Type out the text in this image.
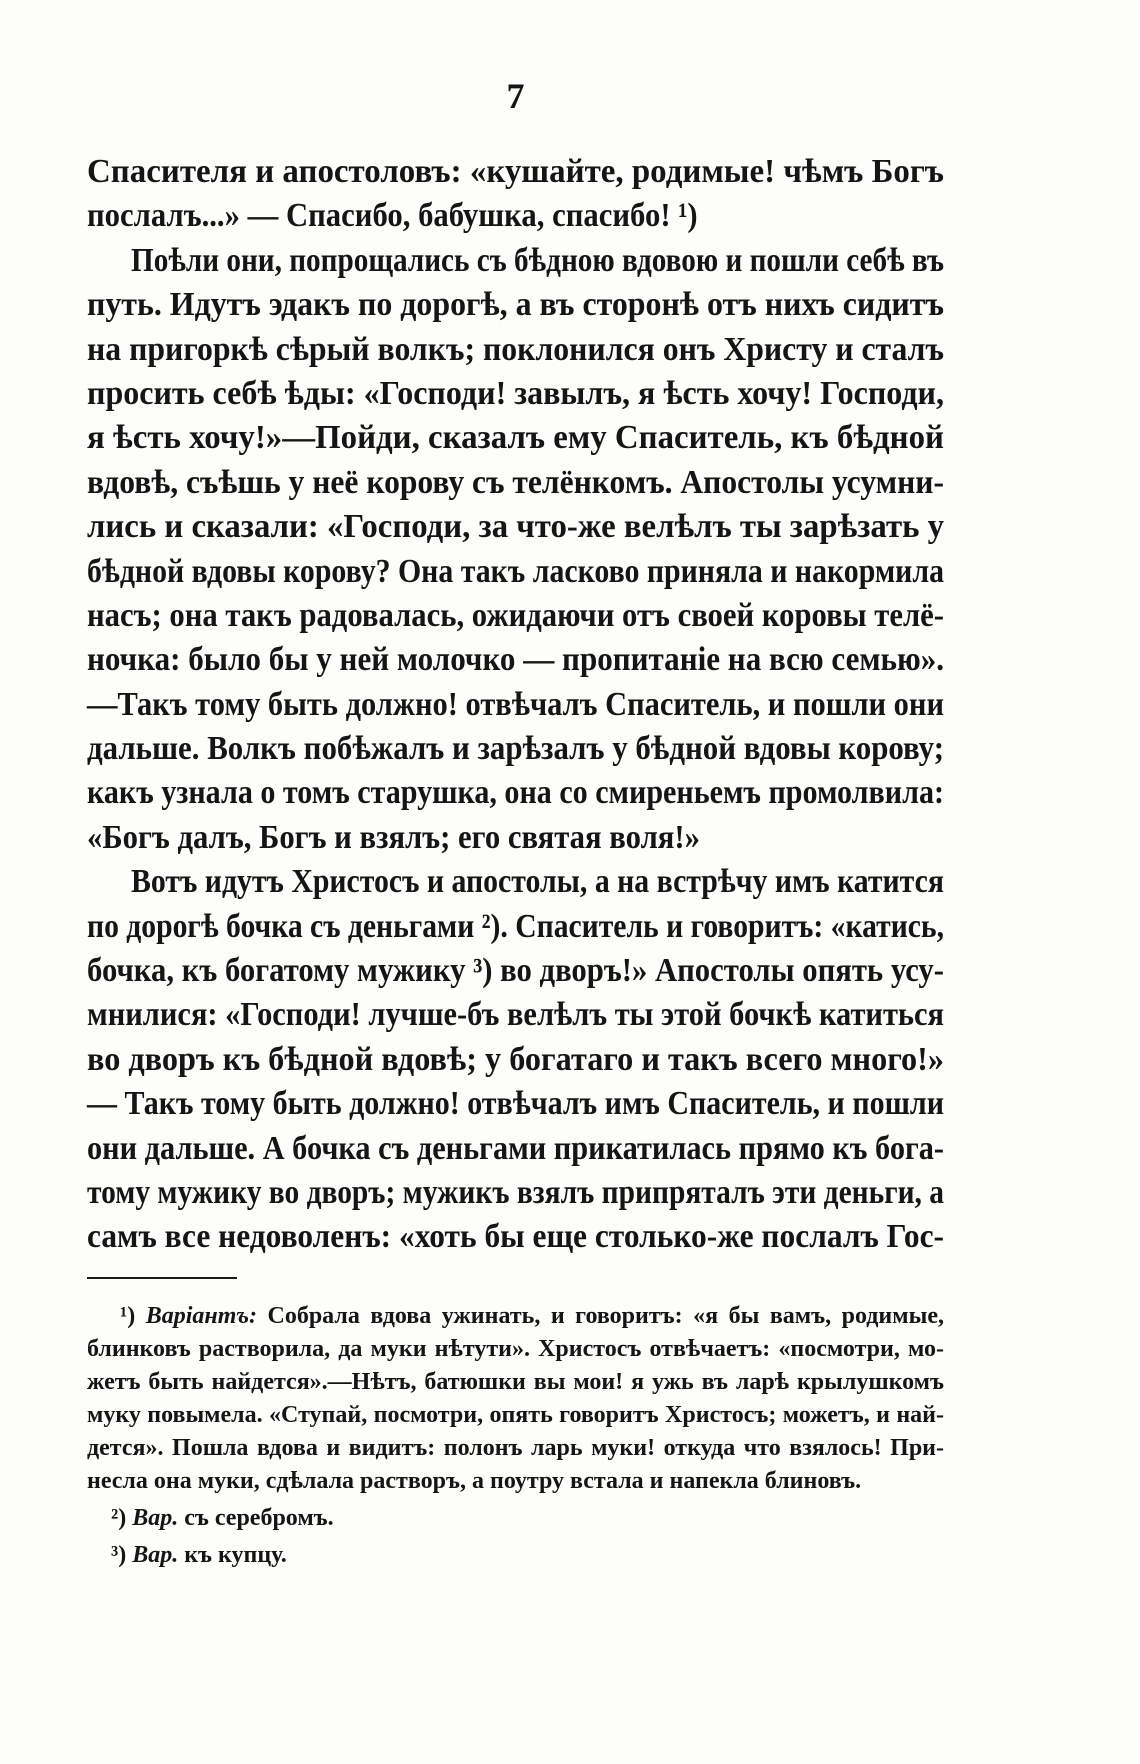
7
Спасителя и апостоловъ: «кушайте, родимые! чѣмъ Богъ
послалъ...» — Спасибо, бабушка, спасибо! ¹)
Поѣли они, попрощались съ бѣдною вдовою и пошли себѣ въ
путь. Идутъ эдакъ по дорогѣ, а въ сторонѣ отъ нихъ сидитъ
на пригоркѣ сѣрый волкъ; поклонился онъ Христу и сталъ
просить себѣ ѣды: «Господи! завылъ, я ѣсть хочу! Господи,
я ѣсть хочу!»—Пойди, сказалъ ему Спаситель, къ бѣдной
вдовѣ, съѣшь у неё корову съ телёнкомъ. Апостолы усумни-
лись и сказали: «Господи, за что-же велѣлъ ты зарѣзать у
бѣдной вдовы корову? Она такъ ласково приняла и накормила
насъ; она такъ радовалась, ожидаючи отъ своей коровы телё-
ночка: было бы у ней молочко — пропитаніе на всю семью».
—Такъ тому быть должно! отвѣчалъ Спаситель, и пошли они
дальше. Волкъ побѣжалъ и зарѣзалъ у бѣдной вдовы корову;
какъ узнала о томъ старушка, она со смиреньемъ промолвила:
«Богъ далъ, Богъ и взялъ; его святая воля!»
Вотъ идутъ Христосъ и апостолы, а на встрѣчу имъ катится
по дорогѣ бочка съ деньгами ²). Спаситель и говоритъ: «катись,
бочка, къ богатому мужику ³) во дворъ!» Апостолы опять усу-
мнилися: «Господи! лучше-бъ велѣлъ ты этой бочкѣ катиться
во дворъ къ бѣдной вдовѣ; у богатаго и такъ всего много!»
— Такъ тому быть должно! отвѣчалъ имъ Спаситель, и пошли
они дальше. А бочка съ деньгами прикатилась прямо къ бога-
тому мужику во дворъ; мужикъ взялъ припряталъ эти деньги, а
самъ все недоволенъ: «хоть бы еще столько-же послалъ Гос-
¹) Варіантъ: Собрала вдова ужинать, и говоритъ: «я бы вамъ, родимые,
блинковъ растворила, да муки нѣтути». Христосъ отвѣчаетъ: «посмотри, мо-
жетъ быть найдется».—Нѣтъ, батюшки вы мои! я ужь въ ларѣ крылушкомъ
муку повымела. «Ступай, посмотри, опять говоритъ Христосъ; можетъ, и най-
дется». Пошла вдова и видитъ: полонъ ларь муки! откуда что взялось! При-
несла она муки, сдѣлала растворъ, а поутру встала и напекла блиновъ.
²) Вар. съ серебромъ.
³) Вар. къ купцу.
